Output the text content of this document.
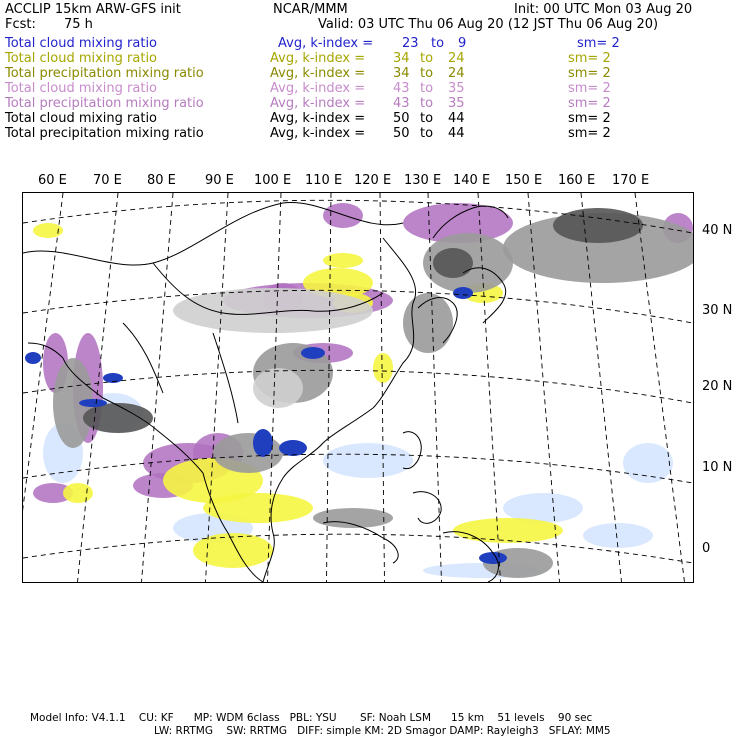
ACCLIP 15km ARW-GFS init	NCAR/MMM	Init: 00 UTC Mon 03 Aug 20
Fcst: 75 h	Valid: 03 UTC Thu 06 Aug 20 (12 JST Thu 06 Aug 20)
Total cloud mixing ratio	Avg, k-index = 23 to 9	sm= 2
Total cloud mixing ratio	Avg, k-index = 34 to 24	sm= 2
Total precipitation mixing ratio	Avg, k-index = 34 to 24	sm= 2
Total cloud mixing ratio	Avg, k-index = 43 to 35	sm= 2
Total precipitation mixing ratio	Avg, k-index = 43 to 35	sm= 2
Total cloud mixing ratio	Avg, k-index = 50 to 44	sm= 2
Total precipitation mixing ratio	Avg, k-index = 50 to 44	sm= 2
60 E 70 E 80 E 90 E 100 E 110 E 120 E 130 E 140 E 150 E 160 E 170 E
40 N
30 N
20 N
10 N
0
Model Info: V4.1.1    CU: KF      MP: WDM 6class   PBL: YSU       SF: Noah LSM      15 km    51 levels    90 sec
LW: RRTMG    SW: RRTMG   DIFF: simple KM: 2D Smagor DAMP: Rayleigh3   SFLAY: MM5
